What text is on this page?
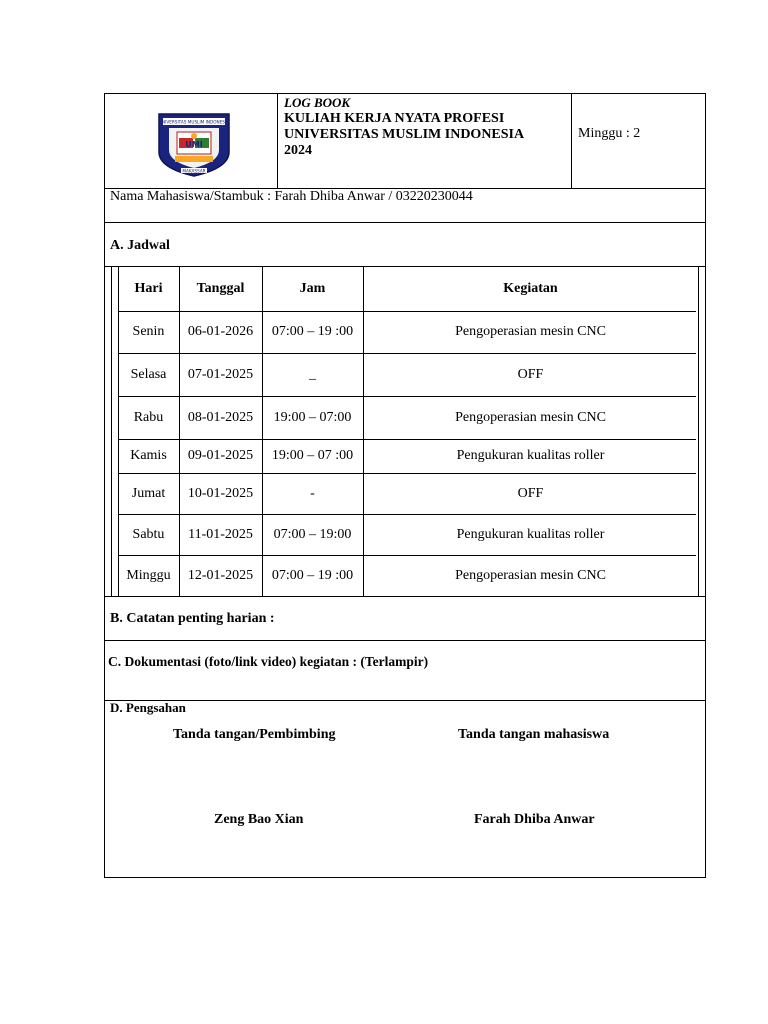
UNIVERSITAS MUSLIM INDONESIA
UMI
MAKASSAR
LOG BOOK
KULIAH KERJA NYATA PROFESI
UNIVERSITAS MUSLIM INDONESIA
2024
Minggu : 2
Nama Mahasiswa/Stambuk : Farah Dhiba Anwar / 03220230044
A. Jadwal
B. Catatan penting harian :
C. Dokumentasi (foto/link video) kegiatan : (Terlampir)
D. Pengsahan
Tanda tangan/Pembimbing	Tanda tangan mahasiswa
Zeng Bao Xian	Farah Dhiba Anwar
Hari	Tanggal	Jam	Kegiatan
Senin	06-01-2026	07:00 – 19 :00	Pengoperasian mesin CNC
Selasa	07-01-2025	_	OFF
Rabu	08-01-2025	19:00 – 07:00	Pengoperasian mesin CNC
Kamis	09-01-2025	19:00 – 07 :00	Pengukuran kualitas roller
Jumat	10-01-2025	-	OFF
Sabtu	11-01-2025	07:00 – 19:00	Pengukuran kualitas roller
Minggu	12-01-2025	07:00 – 19 :00	Pengoperasian mesin CNC
